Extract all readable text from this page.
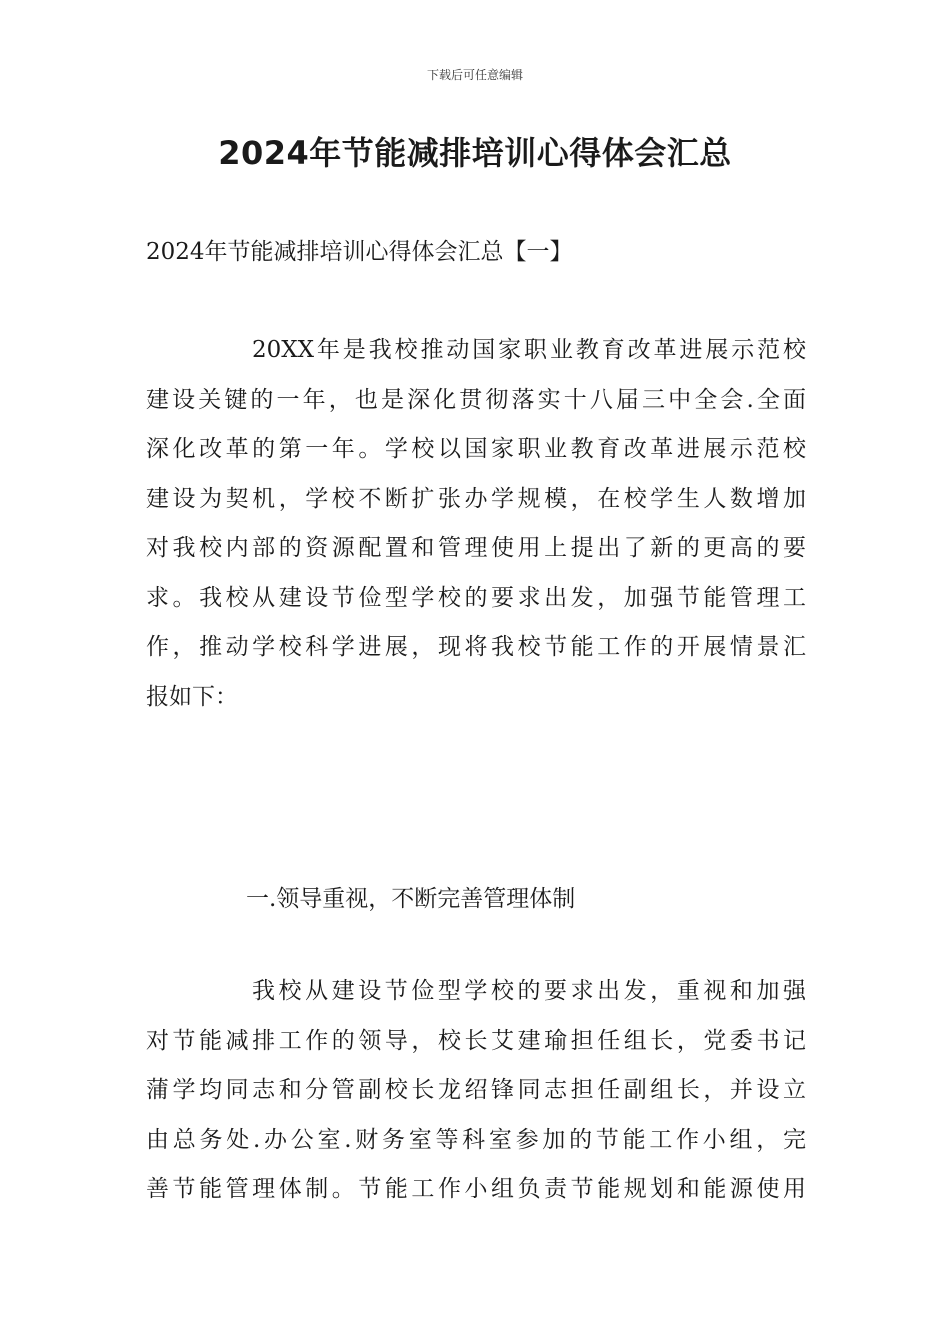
下载后可任意编辑
2024年节能减排培训心得体会汇总
2024年节能减排培训心得体会汇总【一】
20XX年是我校推动国家职业教育改革进展示范校
建设关键的一年，也是深化贯彻落实十八届三中全会.全面
深化改革的第一年。学校以国家职业教育改革进展示范校
建设为契机，学校不断扩张办学规模，在校学生人数增加
对我校内部的资源配置和管理使用上提出了新的更高的要
求。我校从建设节俭型学校的要求出发，加强节能管理工
作，推动学校科学进展，现将我校节能工作的开展情景汇
报如下：
一.领导重视，不断完善管理体制
我校从建设节俭型学校的要求出发，重视和加强
对节能减排工作的领导，校长艾建瑜担任组长，党委书记
蒲学均同志和分管副校长龙绍锋同志担任副组长，并设立
由总务处.办公室.财务室等科室参加的节能工作小组，完
善节能管理体制。节能工作小组负责节能规划和能源使用
